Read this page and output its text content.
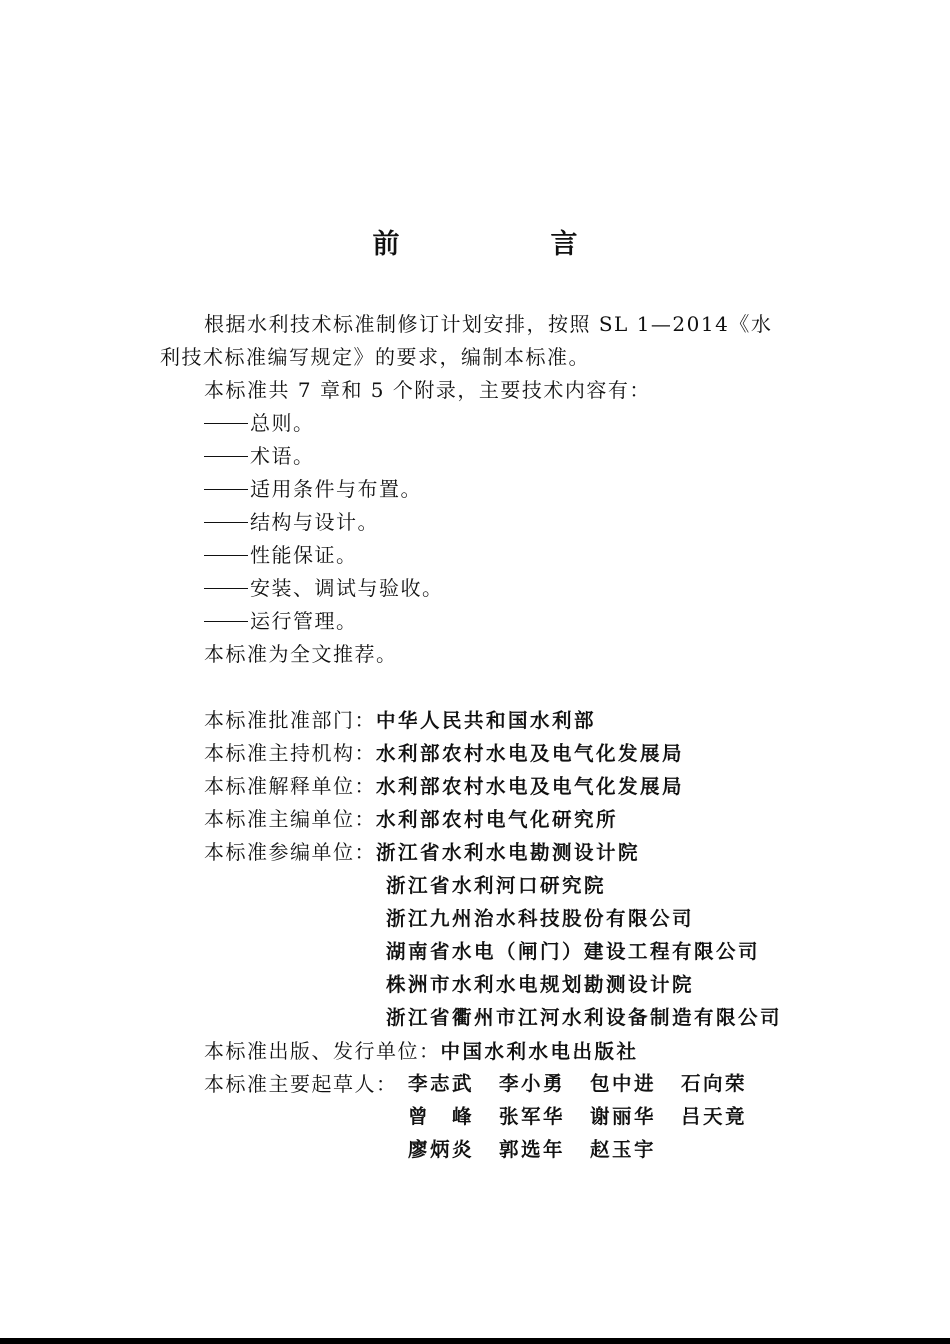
前　言
根据水利技术标准制修订计划安排，按照 SL 1—2014《水
利技术标准编写规定》的要求，编制本标准。
本标准共 7 章和 5 个附录，主要技术内容有：
总则。
术语。
适用条件与布置。
结构与设计。
性能保证。
安装、调试与验收。
运行管理。
本标准为全文推荐。
本标准批准部门：中华人民共和国水利部
本标准主持机构：水利部农村水电及电气化发展局
本标准解释单位：水利部农村水电及电气化发展局
本标准主编单位：水利部农村电气化研究所
本标准参编单位：浙江省水利水电勘测设计院
浙江省水利河口研究院
浙江九州治水科技股份有限公司
湖南省水电（闸门）建设工程有限公司
株洲市水利水电规划勘测设计院
浙江省衢州市江河水利设备制造有限公司
本标准出版、发行单位：中国水利水电出版社
本标准主要起草人： 李志武 李小勇 包中进 石向荣
曾　峰 张军华 谢丽华 吕天竟
廖炳炎 郭选年 赵玉宇
